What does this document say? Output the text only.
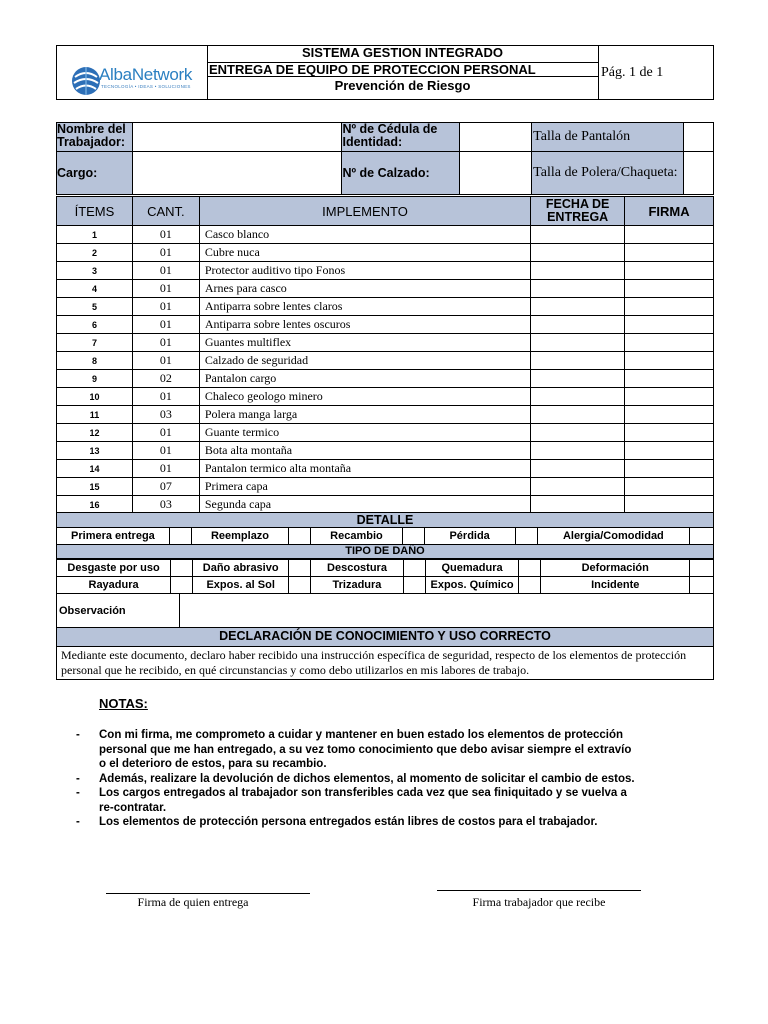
AlbaNetwork
TECNOLOGÍA • IDEAS • SOLUCIONES
SISTEMA GESTION INTEGRADO
ENTREGA DE EQUIPO DE PROTECCION PERSONAL
Prevención de Riesgo
Pág. 1 de 1
Nombre del Trabajador:		Nº de Cédula de Identidad:		Talla de Pantalón	
Cargo:		Nº de Calzado:		Talla de Polera/Chaqueta:	
ÍTEMS	CANT.	IMPLEMENTO	FECHA DE ENTREGA	FIRMA
1	01	Casco blanco		
2	01	Cubre nuca		
3	01	Protector auditivo tipo Fonos		
4	01	Arnes para casco		
5	01	Antiparra sobre lentes claros		
6	01	Antiparra sobre lentes oscuros		
7	01	Guantes multiflex		
8	01	Calzado de seguridad		
9	02	Pantalon cargo		
10	01	Chaleco geologo minero		
11	03	Polera manga larga		
12	01	Guante termico		
13	01	Bota alta montaña		
14	01	Pantalon termico alta montaña		
15	07	Primera capa		
16	03	Segunda capa		
DETALLE
Primera entrega		Reemplazo		Recambio		Pérdida		Alergia/Comodidad	
TIPO DE DAÑO
Desgaste por uso		Daño abrasivo		Descostura		Quemadura		Deformación	
Rayadura		Expos. al Sol		Trizadura		Expos. Químico		Incidente	
Observación	
DECLARACIÓN DE CONOCIMIENTO Y USO CORRECTO
Mediante este documento, declaro haber recibido una instrucción específica de seguridad, respecto de los elementos de protección personal que he recibido, en qué circunstancias y como debo utilizarlos en mis labores de trabajo.
NOTAS:
- Con mi firma, me comprometo a cuidar y mantener en buen estado los elementos de protección personal que me han entregado, a su vez tomo conocimiento que debo avisar siempre el extravío o el deterioro de estos, para su recambio.
- Además, realizare la devolución de dichos elementos, al momento de solicitar el cambio de estos.
- Los cargos entregados al trabajador son transferibles cada vez que sea finiquitado y se vuelva a re-contratar.
- Los elementos de protección persona entregados están libres de costos para el trabajador.
Firma de quien entrega	Firma trabajador que recibe
